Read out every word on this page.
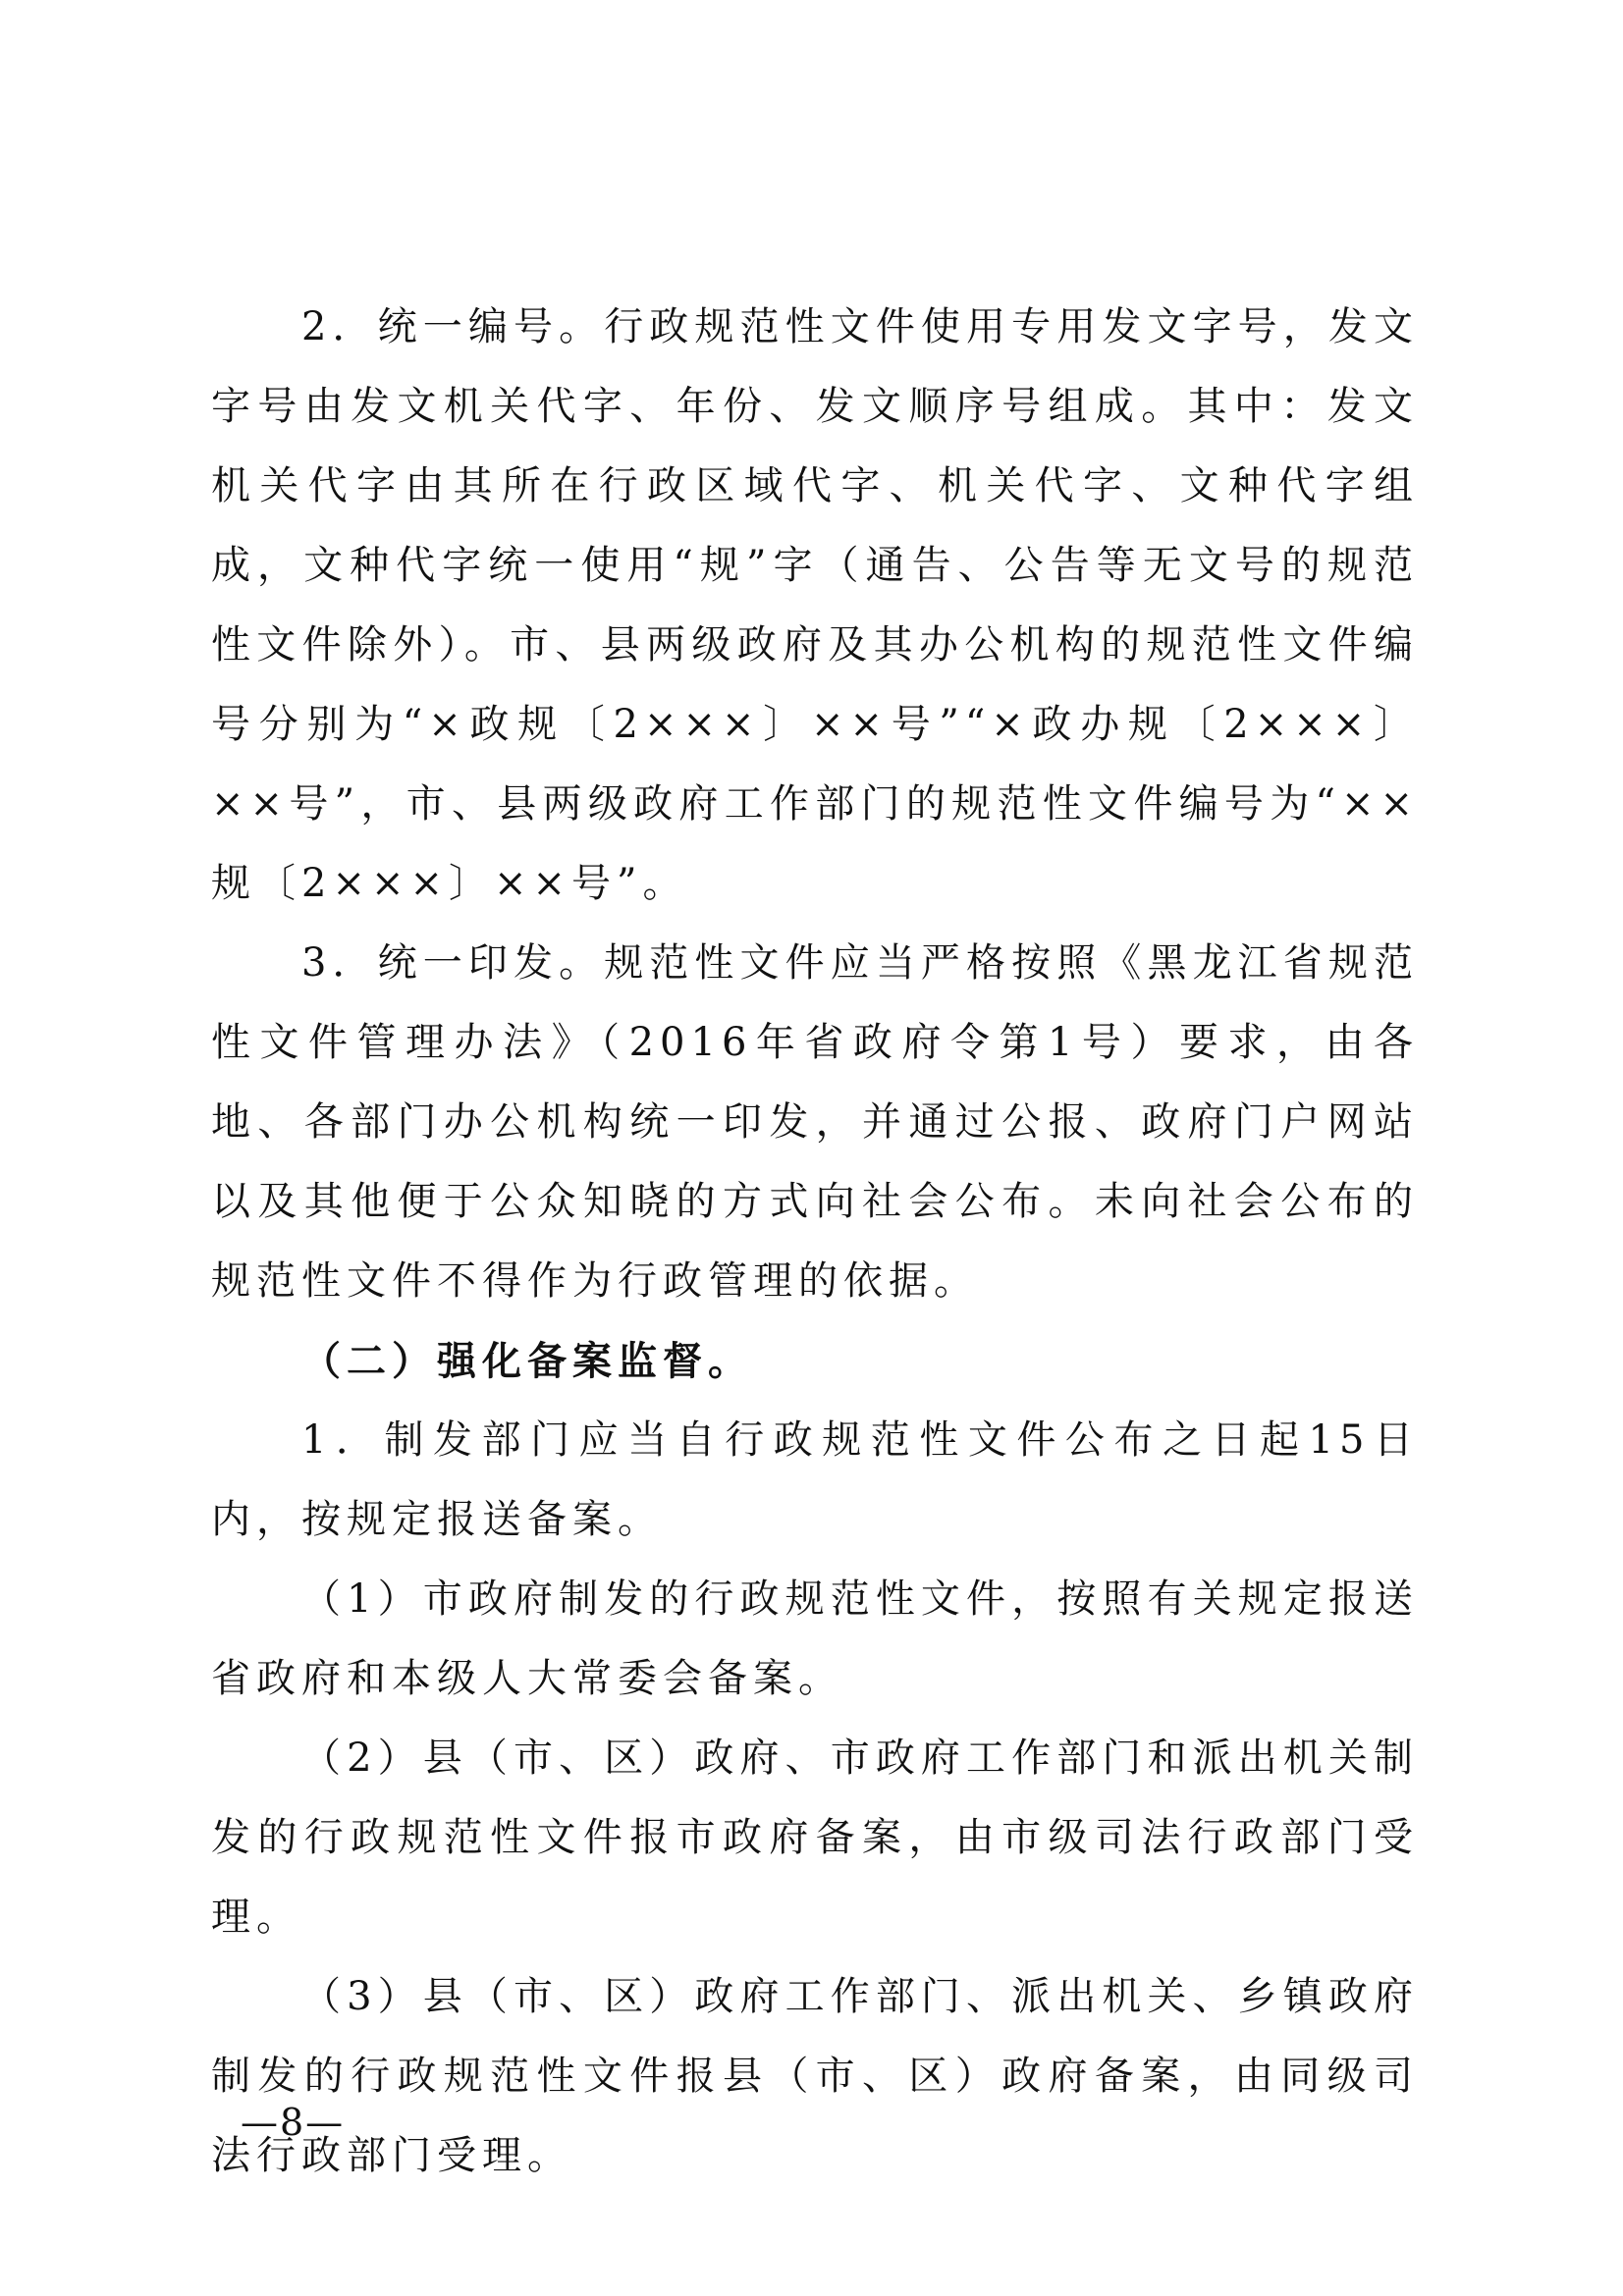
2．统一编号。行政规范性文件使用专用发文字号，发文字号由发文机关代字、年份、发文顺序号组成。其中：发文机关代字由其所在行政区域代字、机关代字、文种代字组成，文种代字统一使用“规”字（通告、公告等无文号的规范性文件除外）。市、县两级政府及其办公机构的规范性文件编号分别为“×政规〔2×××〕××号”“×政办规〔2×××〕××号”，市、县两级政府工作部门的规范性文件编号为“××规〔2×××〕××号”。

3．统一印发。规范性文件应当严格按照《黑龙江省规范性文件管理办法》（2016年省政府令第1号）要求，由各地、各部门办公机构统一印发，并通过公报、政府门户网站以及其他便于公众知晓的方式向社会公布。未向社会公布的规范性文件不得作为行政管理的依据。

（二）强化备案监督。

1．制发部门应当自行政规范性文件公布之日起15日内，按规定报送备案。

（1）市政府制发的行政规范性文件，按照有关规定报送省政府和本级人大常委会备案。

（2）县（市、区）政府、市政府工作部门和派出机关制发的行政规范性文件报市政府备案，由市级司法行政部门受理。

（3）县（市、区）政府工作部门、派出机关、乡镇政府制发的行政规范性文件报县（市、区）政府备案，由同级司法行政部门受理。

—8—
